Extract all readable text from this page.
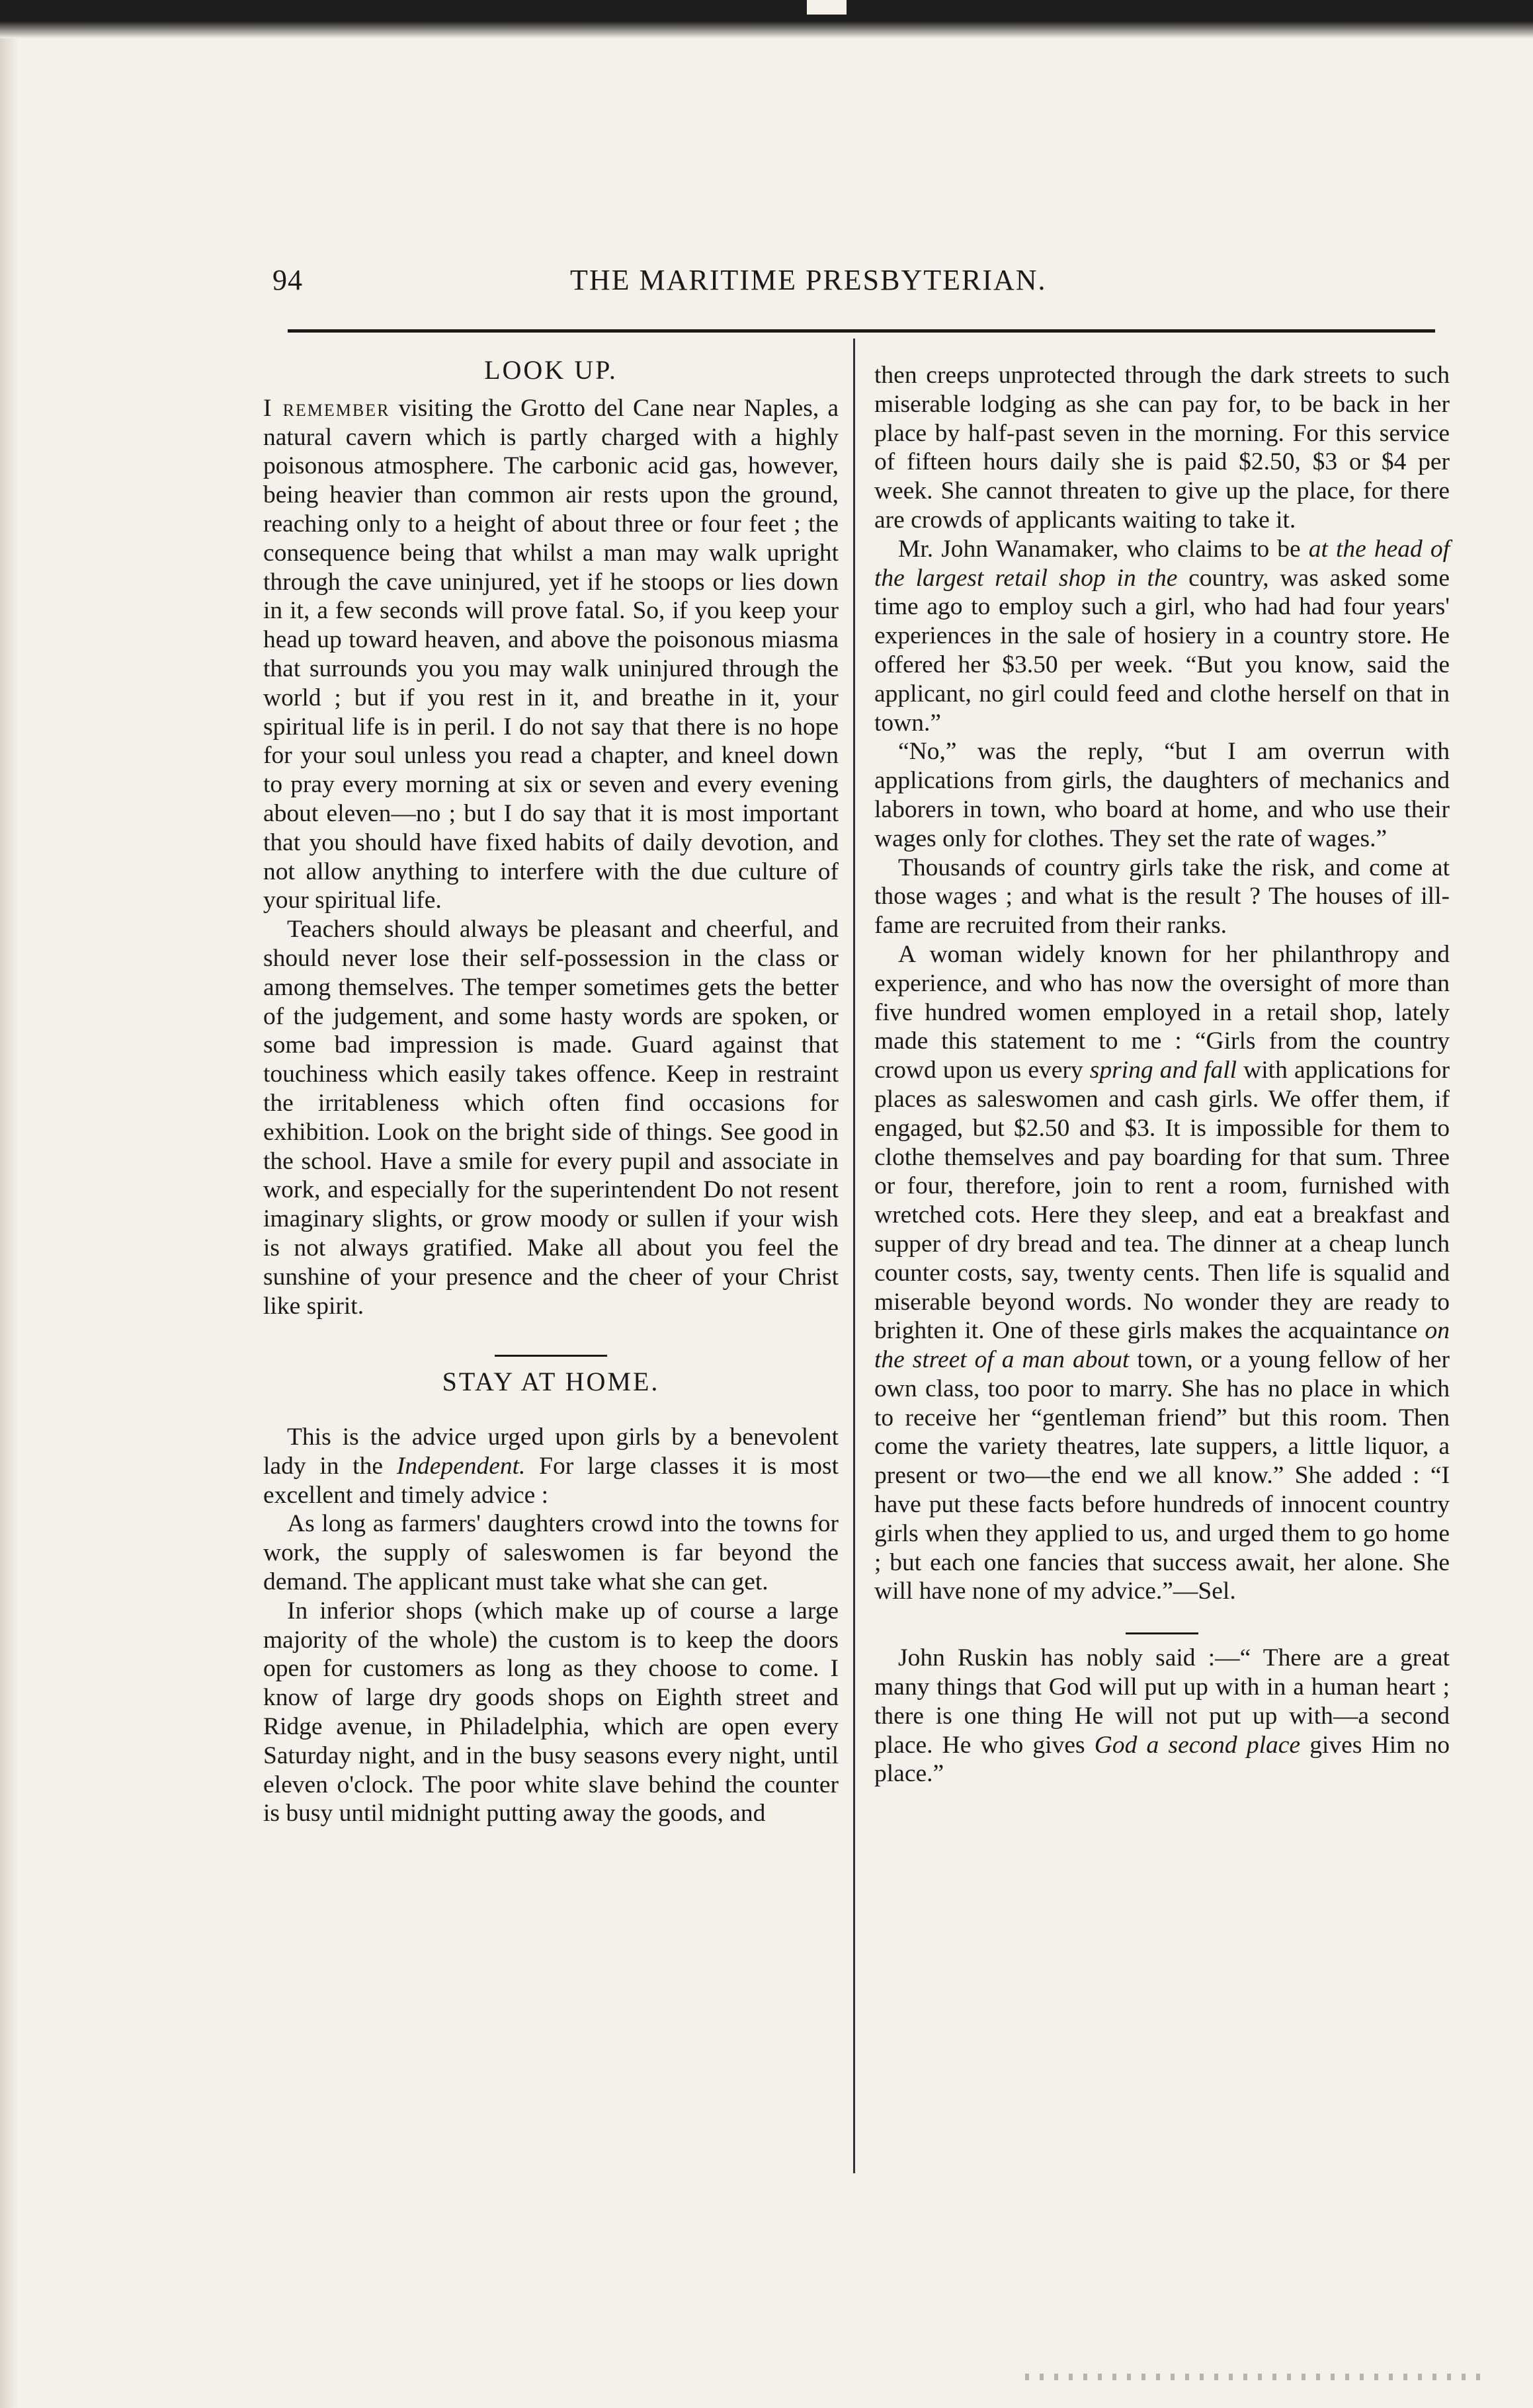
94	THE MARITIME PRESBYTERIAN.
LOOK UP.

I remember visiting the Grotto del Cane near Naples, a natural cavern which is partly charged with a highly poisonous atmosphere. The carbonic acid gas, however, being heavier than common air rests upon the ground, reaching only to a height of about three or four feet ; the consequence being that whilst a man may walk upright through the cave uninjured, yet if he stoops or lies down in it, a few seconds will prove fatal. So, if you keep your head up toward heaven, and above the poisonous miasma that surrounds you you may walk uninjured through the world ; but if you rest in it, and breathe in it, your spiritual life is in peril. I do not say that there is no hope for your soul unless you read a chapter, and kneel down to pray every morning at six or seven and every evening about eleven—no ; but I do say that it is most important that you should have fixed habits of daily devotion, and not allow anything to interfere with the due culture of your spiritual life.

Teachers should always be pleasant and cheerful, and should never lose their self-possession in the class or among themselves. The temper sometimes gets the better of the judgement, and some hasty words are spoken, or some bad impression is made. Guard against that touchiness which easily takes offence. Keep in restraint the irritableness which often find occasions for exhibition. Look on the bright side of things. See good in the school. Have a smile for every pupil and associate in work, and especially for the superintendent Do not resent imaginary slights, or grow moody or sullen if your wish is not always gratified. Make all about you feel the sunshine of your presence and the cheer of your Christ like spirit.

STAY AT HOME.

This is the advice urged upon girls by a benevolent lady in the Independent. For large classes it is most excellent and timely advice :

As long as farmers' daughters crowd into the towns for work, the supply of saleswomen is far beyond the demand. The applicant must take what she can get.

In inferior shops (which make up of course a large majority of the whole) the custom is to keep the doors open for customers as long as they choose to come. I know of large dry goods shops on Eighth street and Ridge avenue, in Philadelphia, which are open every Saturday night, and in the busy seasons every night, until eleven o'clock. The poor white slave behind the counter is busy until midnight putting away the goods, and

then creeps unprotected through the dark streets to such miserable lodging as she can pay for, to be back in her place by half-past seven in the morning. For this service of fifteen hours daily she is paid $2.50, $3 or $4 per week. She cannot threaten to give up the place, for there are crowds of applicants waiting to take it.

Mr. John Wanamaker, who claims to be at the head of the largest retail shop in the country, was asked some time ago to employ such a girl, who had had four years' experiences in the sale of hosiery in a country store. He offered her $3.50 per week. “But you know, said the applicant, no girl could feed and clothe herself on that in town.”

“No,” was the reply, “but I am overrun with applications from girls, the daughters of mechanics and laborers in town, who board at home, and who use their wages only for clothes. They set the rate of wages.”

Thousands of country girls take the risk, and come at those wages ; and what is the result ? The houses of ill-fame are recruited from their ranks.

A woman widely known for her philanthropy and experience, and who has now the oversight of more than five hundred women employed in a retail shop, lately made this statement to me : “Girls from the country crowd upon us every spring and fall with applications for places as saleswomen and cash girls. We offer them, if engaged, but $2.50 and $3. It is impossible for them to clothe themselves and pay boarding for that sum. Three or four, therefore, join to rent a room, furnished with wretched cots. Here they sleep, and eat a breakfast and supper of dry bread and tea. The dinner at a cheap lunch counter costs, say, twenty cents. Then life is squalid and miserable beyond words. No wonder they are ready to brighten it. One of these girls makes the acquaintance on the street of a man about town, or a young fellow of her own class, too poor to marry. She has no place in which to receive her “gentleman friend” but this room. Then come the variety theatres, late suppers, a little liquor, a present or two—the end we all know.” She added : “I have put these facts before hundreds of innocent country girls when they applied to us, and urged them to go home ; but each one fancies that success await, her alone. She will have none of my advice.”—Sel.

John Ruskin has nobly said :—“ There are a great many things that God will put up with in a human heart ; there is one thing He will not put up with—a second place. He who gives God a second place gives Him no place.”
